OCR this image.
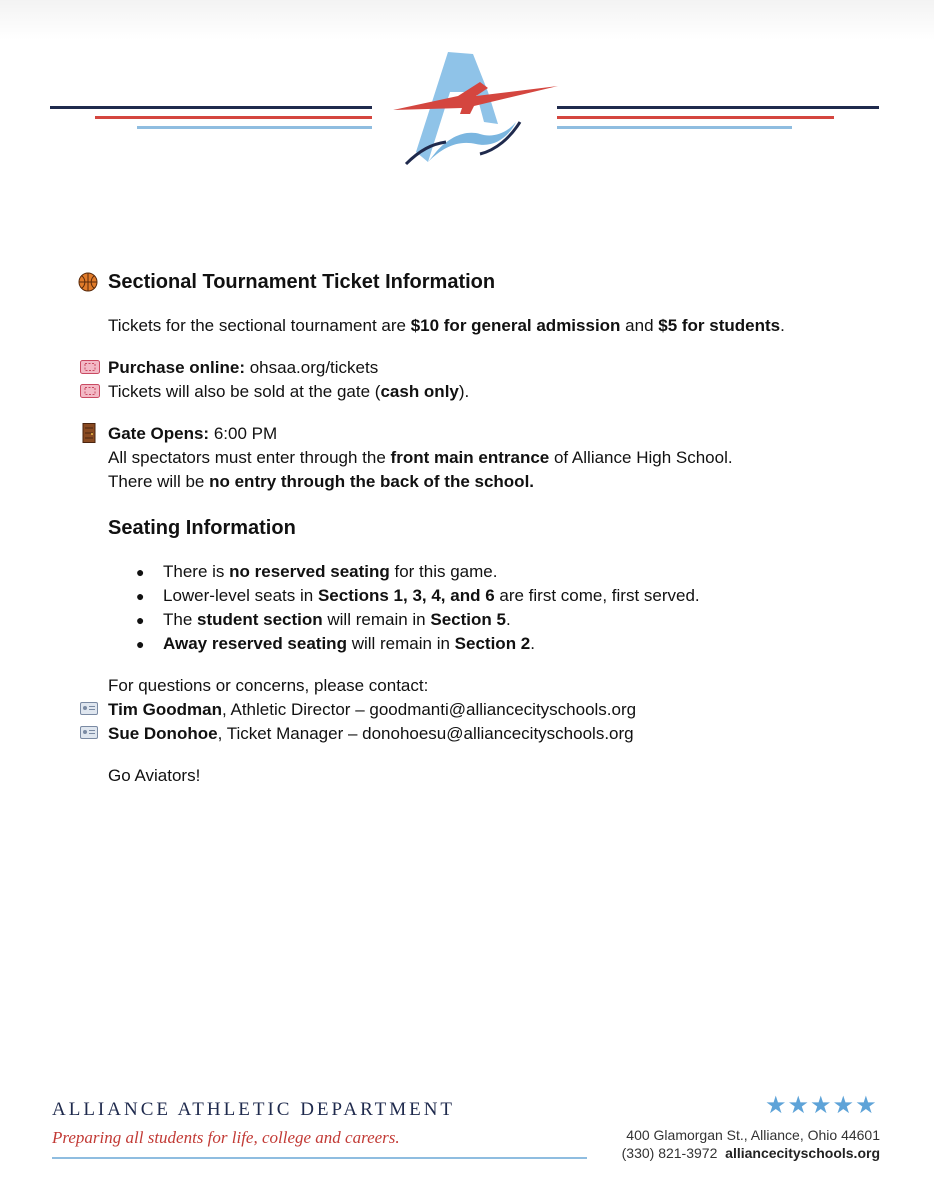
Sectional Tournament Ticket Information

Tickets for the sectional tournament are $10 for general admission and $5 for students.

Purchase online: ohsaa.org/tickets

Tickets will also be sold at the gate (cash only).

Gate Opens: 6:00 PM

All spectators must enter through the front main entrance of Alliance High School.

There will be no entry through the back of the school.

Seating Information

● There is no reserved seating for this game.
● Lower-level seats in Sections 1, 3, 4, and 6 are first come, first served.
● The student section will remain in Section 5.
● Away reserved seating will remain in Section 2.

For questions or concerns, please contact:

Tim Goodman, Athletic Director – goodmanti@alliancecityschools.org

Sue Donohoe, Ticket Manager – donohoesu@alliancecityschools.org

Go Aviators!

ALLIANCE ATHLETIC DEPARTMENT
Preparing all students for life, college and careers.
★★★★★
400 Glamorgan St., Alliance, Ohio 44601
(330) 821-3972 alliancecityschools.org
